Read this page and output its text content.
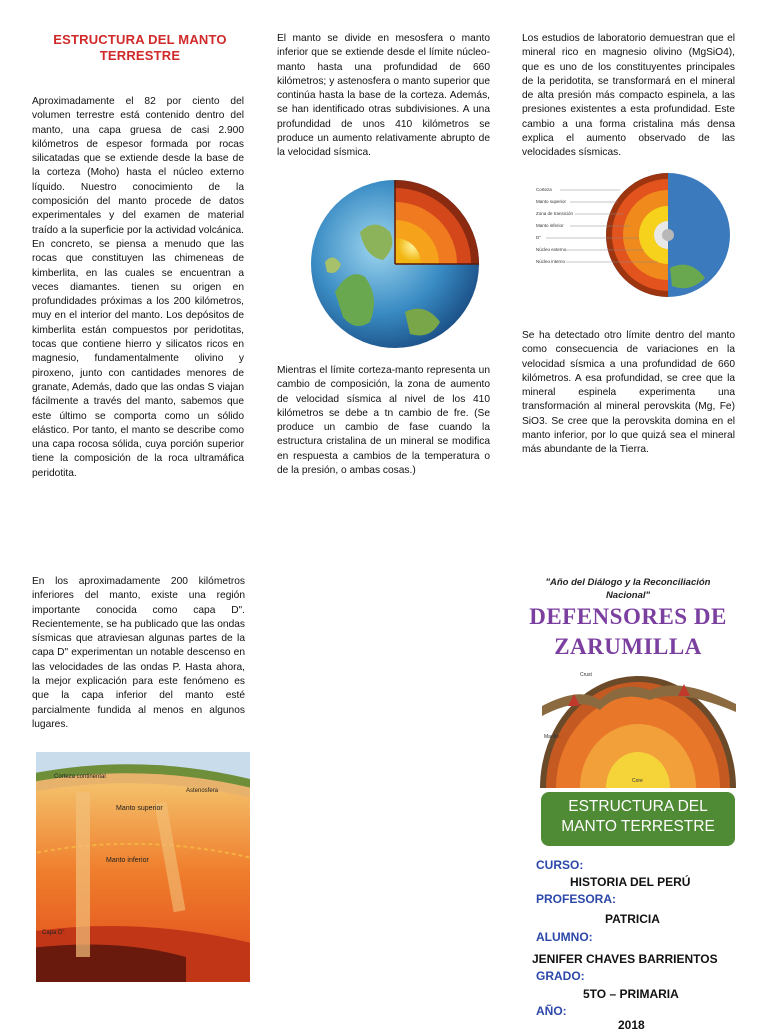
ESTRUCTURA DEL MANTO
TERRESTRE
Aproximadamente el 82 por ciento del volumen terrestre está contenido dentro del manto, una capa gruesa de casi 2.900 kilómetros de espesor formada por rocas silicatadas que se extiende desde la base de la corteza (Moho) hasta el núcleo externo líquido. Nuestro conocimiento de la composición del manto procede de datos experimentales y del examen de material traído a la superficie por la actividad volcánica. En concreto, se piensa a menudo que las rocas que constituyen las chimeneas de kimberlita, en las cuales se encuentran a veces diamantes. tienen su origen en profundidades próximas a los 200 kilómetros, muy en el interior del manto. Los depósitos de kimberlita están compuestos por peridotitas, tocas que contiene hierro y silicatos ricos en magnesio, fundamentalmente olivino y piroxeno, junto con cantidades menores de granate, Además, dado que las ondas S viajan fácilmente a través del manto, sabemos que este último se comporta como un sólido elástico. Por tanto, el manto se describe como una capa rocosa sólida, cuya porción superior tiene la composición de la roca ultramáfica peridotita.
El manto se divide en mesosfera o manto inferior que se extiende desde el límite núcleo-manto hasta una profundidad de 660 kilómetros; y astenosfera o manto superior que continúa hasta la base de la corteza. Además, se han identificado otras subdivisiones. A una profundidad de unos 410 kilómetros se produce un aumento relativamente abrupto de la velocidad sísmica.
Mientras el límite corteza-manto representa un cambio de composición, la zona de aumento de velocidad sísmica al nivel de los 410 kilómetros se debe a tn cambio de fre. (Se produce un cambio de fase cuando la estructura cristalina de un mineral se modifica en respuesta a cambios de la temperatura o de la presión, o ambas cosas.)
Los estudios de laboratorio demuestran que el mineral rico en magnesio olivino (MgSiO4), que es uno de los constituyentes principales de la peridotita, se transformará en el mineral de alta presión más compacto espinela, a las presiones existentes a esta profundidad. Este cambio a una forma cristalina más densa explica el aumento observado de las velocidades sísmicas.
Corteza
Manto superior
Zona de transición
Manto inferior
D"
Núcleo externo
Núcleo interno
Se ha detectado otro límite dentro del manto como consecuencia de variaciones en la velocidad sísmica a una profundidad de 660 kilómetros. A esa profundidad, se cree que la mineral espinela experimenta una transformación al mineral perovskita (Mg, Fe) SiO3. Se cree que la perovskita domina en el manto inferior, por lo que quizá sea el mineral más abundante de la Tierra.
En los aproximadamente 200 kilómetros inferiores del manto, existe una región importante conocida como capa D". Recientemente, se ha publicado que las ondas sísmicas que atraviesan algunas partes de la capa D" experimentan un notable descenso en las velocidades de las ondas P. Hasta ahora, la mejor explicación para este fenómeno es que la capa inferior del manto esté parcialmente fundida al menos en algunos lugares.
Corteza continental
Manto superior
Manto inferior
Capa D"
Astenosfera
"Año del Diálogo y la Reconciliación
Nacional"
DEFENSORES DE
ZARUMILLA
Crust
Mantle
Core
ESTRUCTURA DEL
MANTO TERRESTRE
CURSO:
HISTORIA DEL PERÚ
PROFESORA:
PATRICIA
ALUMNO:
JENIFER CHAVES BARRIENTOS
GRADO:
5TO – PRIMARIA
AÑO:
2018
